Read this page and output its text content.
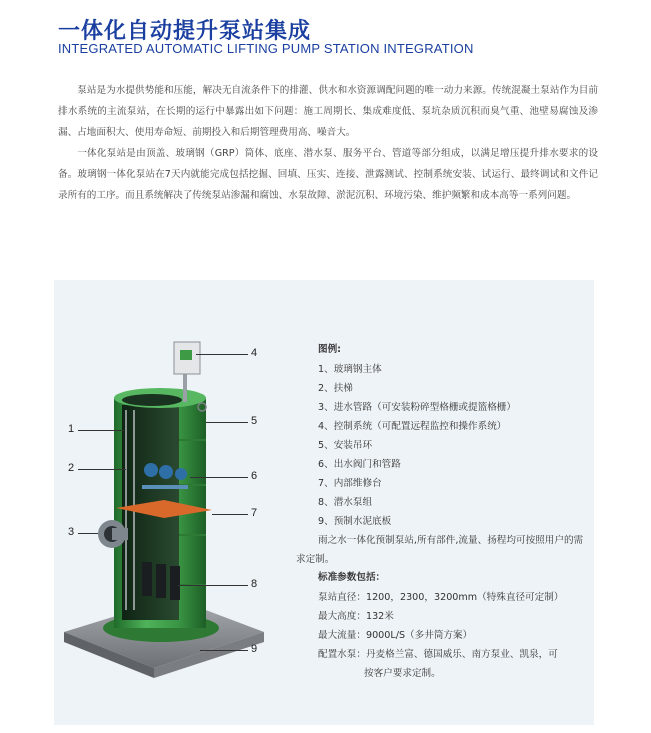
一体化自动提升泵站集成
INTEGRATED AUTOMATIC LIFTING PUMP STATION INTEGRATION

泵站是为水提供势能和压能，解决无自流条件下的排灌、供水和水资源调配问题的唯一动力来源。传统混凝土泵站作为目前排水系统的主流泵站，在长期的运行中暴露出如下问题：施工周期长、集成难度低、泵坑杂质沉积而臭气重、池壁易腐蚀及渗漏、占地面积大、使用寿命短、前期投入和后期管理费用高、噪音大。

一体化泵站是由顶盖、玻璃钢（GRP）筒体、底座、潜水泵、服务平台、管道等部分组成，以满足增压提升排水要求的设备。玻璃钢一体化泵站在7天内就能完成包括挖掘、回填、压实、连接、泄露测试、控制系统安装、试运行、最终调试和文件记录所有的工序。而且系统解决了传统泵站渗漏和腐蚀、水泵故障、淤泥沉积、环境污染、维护频繁和成本高等一系列问题。

1
2
3
4
5
6
7
8
9
图例:
1、玻璃钢主体
2、扶梯
3、进水管路（可安装粉碎型格栅或提篮格栅）
4、控制系统（可配置远程监控和操作系统）
5、安装吊环
6、出水阀门和管路
7、内部维修台
8、潜水泵组
9、预制水泥底板
雨之水一体化预制泵站,所有部件,流量、扬程均可按照用户的需求定制。
标准参数包括：
泵站直径：1200，2300，3200mm（特殊直径可定制）
最大高度：132米
最大流量：9000L/S（多井筒方案）
配置水泵：丹麦格兰富、德国威乐、南方泵业、凯泉，可
按客户要求定制。
